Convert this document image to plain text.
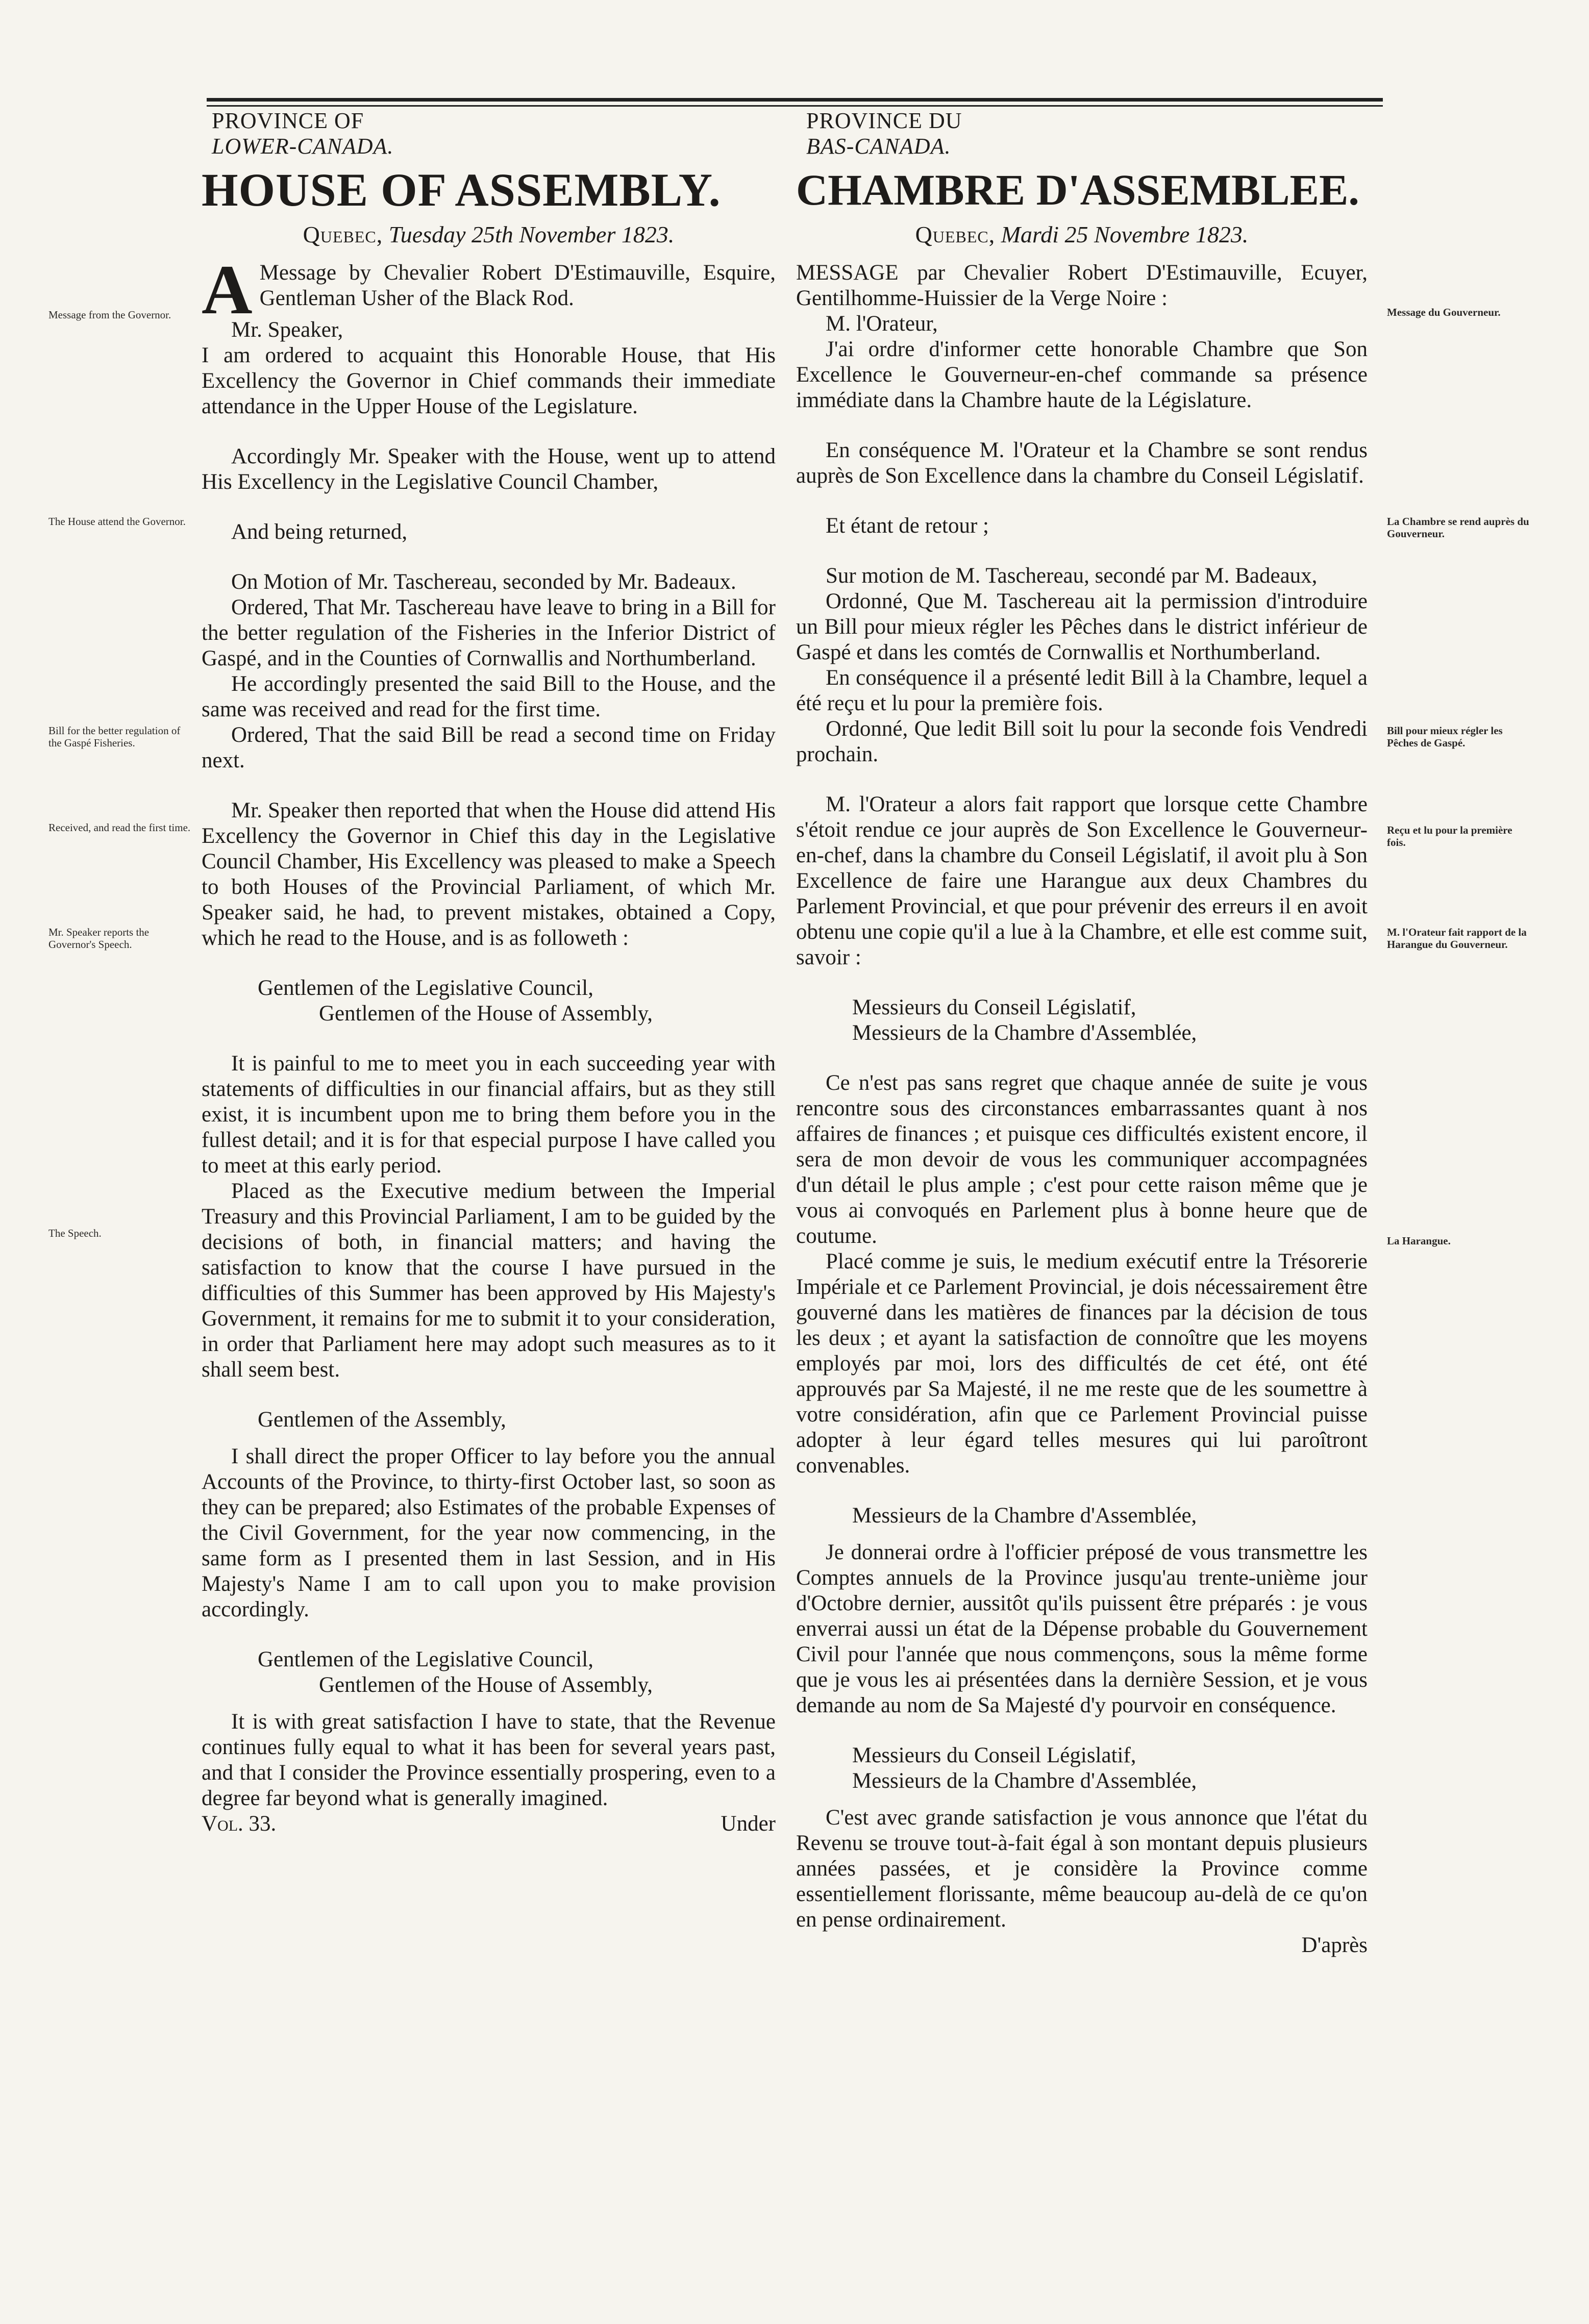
PROVINCE OF
LOWER-CANADA.
HOUSE OF ASSEMBLY.
Quebec, Tuesday 25th November 1823.

A Message by Chevalier Robert D'Estimauville, Esquire, Gentleman Usher of the Black Rod.

Mr. Speaker,

I am ordered to acquaint this Honorable House, that His Excellency the Governor in Chief commands their immediate attendance in the Upper House of the Legislature.

Accordingly Mr. Speaker with the House, went up to attend His Excellency in the Legislative Council Chamber,

And being returned,

On Motion of Mr. Taschereau, seconded by Mr. Badeaux.

Ordered, That Mr. Taschereau have leave to bring in a Bill for the better regulation of the Fisheries in the Inferior District of Gaspé, and in the Counties of Cornwallis and Northumberland.

He accordingly presented the said Bill to the House, and the same was received and read for the first time.

Ordered, That the said Bill be read a second time on Friday next.

Mr. Speaker then reported that when the House did attend His Excellency the Governor in Chief this day in the Legislative Council Chamber, His Excellency was pleased to make a Speech to both Houses of the Provincial Parliament, of which Mr. Speaker said, he had, to prevent mistakes, obtained a Copy, which he read to the House, and is as followeth :

Gentlemen of the Legislative Council,

Gentlemen of the House of Assembly,

It is painful to me to meet you in each succeeding year with statements of difficulties in our financial affairs, but as they still exist, it is incumbent upon me to bring them before you in the fullest detail; and it is for that especial purpose I have called you to meet at this early period.

Placed as the Executive medium between the Imperial Treasury and this Provincial Parliament, I am to be guided by the decisions of both, in financial matters; and having the satisfaction to know that the course I have pursued in the difficulties of this Summer has been approved by His Majesty's Government, it remains for me to submit it to your consideration, in order that Parliament here may adopt such measures as to it shall seem best.

Gentlemen of the Assembly,

I shall direct the proper Officer to lay before you the annual Accounts of the Province, to thirty-first October last, so soon as they can be prepared; also Estimates of the probable Expenses of the Civil Government, for the year now commencing, in the same form as I presented them in last Session, and in His Majesty's Name I am to call upon you to make provision accordingly.

Gentlemen of the Legislative Council,

Gentlemen of the House of Assembly,

It is with great satisfaction I have to state, that the Revenue continues fully equal to what it has been for several years past, and that I consider the Province essentially prospering, even to a degree far beyond what is generally imagined.

Vol. 33.	Under
PROVINCE DU
BAS-CANADA.
CHAMBRE D'ASSEMBLEE.
Quebec, Mardi 25 Novembre 1823.

MESSAGE par Chevalier Robert D'Estimauville, Ecuyer, Gentilhomme-Huissier de la Verge Noire :

M. l'Orateur,

J'ai ordre d'informer cette honorable Chambre que Son Excellence le Gouverneur-en-chef commande sa présence immédiate dans la Chambre haute de la Législature.

En conséquence M. l'Orateur et la Chambre se sont rendus auprès de Son Excellence dans la chambre du Conseil Législatif.

Et étant de retour ;

Sur motion de M. Taschereau, secondé par M. Badeaux,

Ordonné, Que M. Taschereau ait la permission d'introduire un Bill pour mieux régler les Pêches dans le district inférieur de Gaspé et dans les comtés de Cornwallis et Northumberland.

En conséquence il a présenté ledit Bill à la Chambre, lequel a été reçu et lu pour la première fois.

Ordonné, Que ledit Bill soit lu pour la seconde fois Vendredi prochain.

M. l'Orateur a alors fait rapport que lorsque cette Chambre s'étoit rendue ce jour auprès de Son Excellence le Gouverneur-en-chef, dans la chambre du Conseil Législatif, il avoit plu à Son Excellence de faire une Harangue aux deux Chambres du Parlement Provincial, et que pour prévenir des erreurs il en avoit obtenu une copie qu'il a lue à la Chambre, et elle est comme suit, savoir :

Messieurs du Conseil Législatif,

Messieurs de la Chambre d'Assemblée,

Ce n'est pas sans regret que chaque année de suite je vous rencontre sous des circonstances embarrassantes quant à nos affaires de finances ; et puisque ces difficultés existent encore, il sera de mon devoir de vous les communiquer accompagnées d'un détail le plus ample ; c'est pour cette raison même que je vous ai convoqués en Parlement plus à bonne heure que de coutume.

Placé comme je suis, le medium exécutif entre la Trésorerie Impériale et ce Parlement Provincial, je dois nécessairement être gouverné dans les matières de finances par la décision de tous les deux ; et ayant la satisfaction de connoître que les moyens employés par moi, lors des difficultés de cet été, ont été approuvés par Sa Majesté, il ne me reste que de les soumettre à votre considération, afin que ce Parlement Provincial puisse adopter à leur égard telles mesures qui lui paroîtront convenables.

Messieurs de la Chambre d'Assemblée,

Je donnerai ordre à l'officier préposé de vous transmettre les Comptes annuels de la Province jusqu'au trente-unième jour d'Octobre dernier, aussitôt qu'ils puissent être préparés : je vous enverrai aussi un état de la Dépense probable du Gouvernement Civil pour l'année que nous commençons, sous la même forme que je vous les ai présentées dans la dernière Session, et je vous demande au nom de Sa Majesté d'y pourvoir en conséquence.

Messieurs du Conseil Législatif,

Messieurs de la Chambre d'Assemblée,

C'est avec grande satisfaction je vous annonce que l'état du Revenu se trouve tout-à-fait égal à son montant depuis plusieurs années passées, et je considère la Province comme essentiellement florissante, même beaucoup au-delà de ce qu'on en pense ordinairement.

D'après
Message from the Governor.
The House attend the Governor.
Bill for the better regulation of the Gaspé Fisheries.
Received, and read the first time.
Mr. Speaker reports the Governor's Speech.
The Speech.
Message du Gouverneur.
La Chambre se rend auprès du Gouverneur.
Bill pour mieux régler les Pêches de Gaspé.
Reçu et lu pour la première fois.
M. l'Orateur fait rapport de la Harangue du Gouverneur.
La Harangue.
